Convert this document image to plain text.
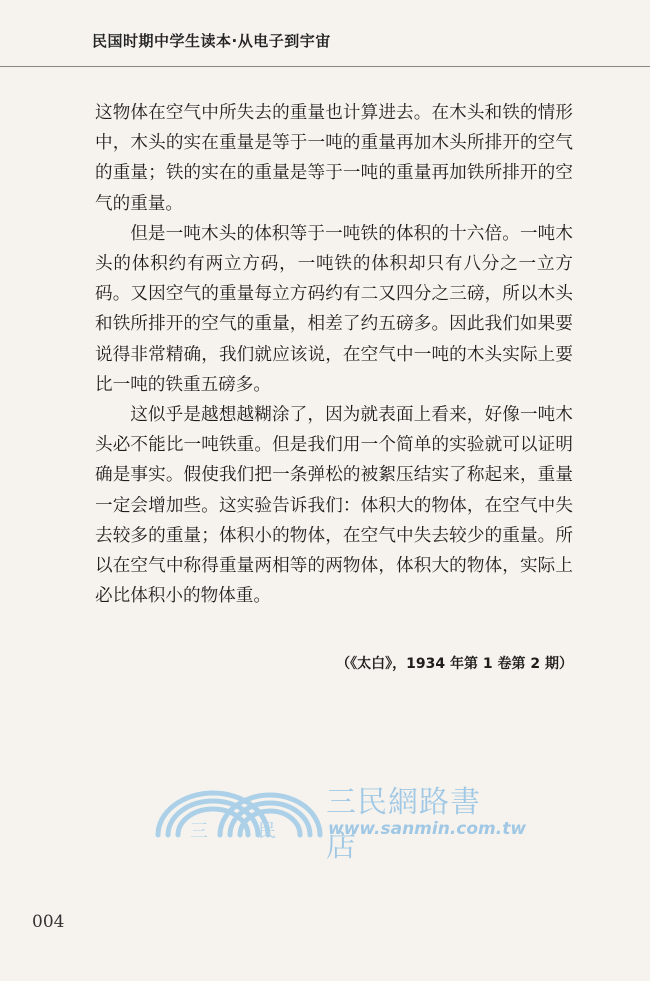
民国时期中学生读本·从电子到宇宙

这物体在空气中所失去的重量也计算进去。在木头和铁的情形中，木头的实在重量是等于一吨的重量再加木头所排开的空气的重量；铁的实在的重量是等于一吨的重量再加铁所排开的空气的重量。

但是一吨木头的体积等于一吨铁的体积的十六倍。一吨木头的体积约有两立方码，一吨铁的体积却只有八分之一立方码。又因空气的重量每立方码约有二又四分之三磅，所以木头和铁所排开的空气的重量，相差了约五磅多。因此我们如果要说得非常精确，我们就应该说，在空气中一吨的木头实际上要比一吨的铁重五磅多。

这似乎是越想越糊涂了，因为就表面上看来，好像一吨木头必不能比一吨铁重。但是我们用一个简单的实验就可以证明确是事实。假使我们把一条弹松的被絮压结实了称起来，重量一定会增加些。这实验告诉我们：体积大的物体，在空气中失去较多的重量；体积小的物体，在空气中失去较少的重量。所以在空气中称得重量两相等的两物体，体积大的物体，实际上必比体积小的物体重。

（《太白》，1934 年第 1 卷第 2 期）
三	民
三民網路書店
www.sanmin.com.tw
004
